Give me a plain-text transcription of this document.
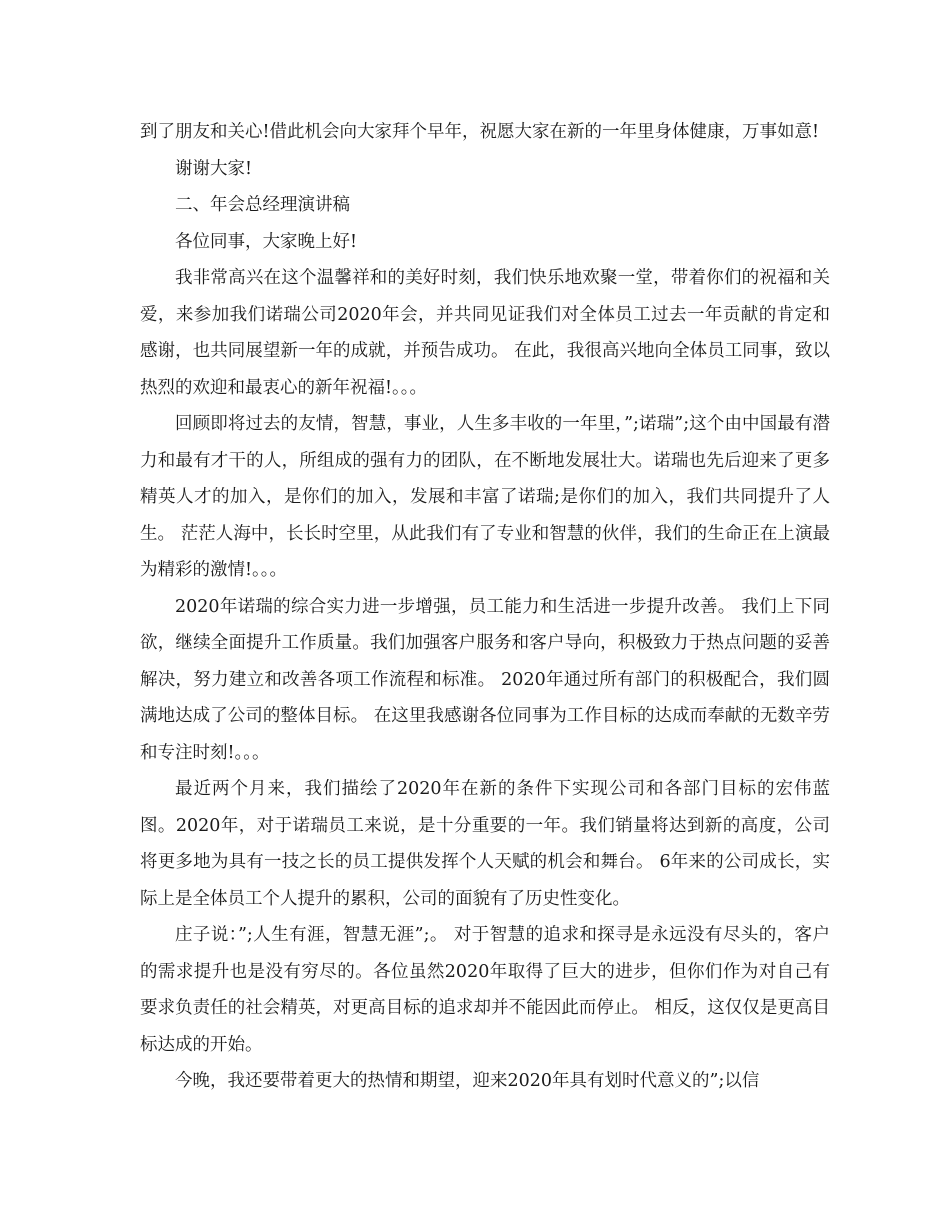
到了朋友和关心!借此机会向大家拜个早年，祝愿大家在新的一年里身体健康，万事如意!

谢谢大家!

二、年会总经理演讲稿

各位同事，大家晚上好!

我非常高兴在这个温馨祥和的美好时刻，我们快乐地欢聚一堂，带着你们的祝福和关爱，来参加我们诺瑞公司2020年会，并共同见证我们对全体员工过去一年贡献的肯定和感谢，也共同展望新一年的成就，并预告成功。 在此，我很高兴地向全体员工同事，致以热烈的欢迎和最衷心的新年祝福!。。。

回顾即将过去的友情，智慧，事业，人生多丰收的一年里，”;诺瑞”;这个由中国最有潜力和最有才干的人，所组成的强有力的团队，在不断地发展壮大。诺瑞也先后迎来了更多精英人才的加入，是你们的加入，发展和丰富了诺瑞;是你们的加入，我们共同提升了人生。 茫茫人海中，长长时空里，从此我们有了专业和智慧的伙伴，我们的生命正在上演最为精彩的激情!。。。

2020年诺瑞的综合实力进一步增强，员工能力和生活进一步提升改善。 我们上下同欲，继续全面提升工作质量。我们加强客户服务和客户导向，积极致力于热点问题的妥善解决，努力建立和改善各项工作流程和标准。 2020年通过所有部门的积极配合，我们圆满地达成了公司的整体目标。 在这里我感谢各位同事为工作目标的达成而奉献的无数辛劳和专注时刻!。。。

最近两个月来，我们描绘了2020年在新的条件下实现公司和各部门目标的宏伟蓝图。2020年，对于诺瑞员工来说，是十分重要的一年。我们销量将达到新的高度，公司将更多地为具有一技之长的员工提供发挥个人天赋的机会和舞台。 6年来的公司成长，实际上是全体员工个人提升的累积，公司的面貌有了历史性变化。

庄子说：”;人生有涯，智慧无涯”;。 对于智慧的追求和探寻是永远没有尽头的，客户的需求提升也是没有穷尽的。各位虽然2020年取得了巨大的进步，但你们作为对自己有要求负责任的社会精英，对更高目标的追求却并不能因此而停止。 相反，这仅仅是更高目标达成的开始。

今晚，我还要带着更大的热情和期望，迎来2020年具有划时代意义的”;以信
